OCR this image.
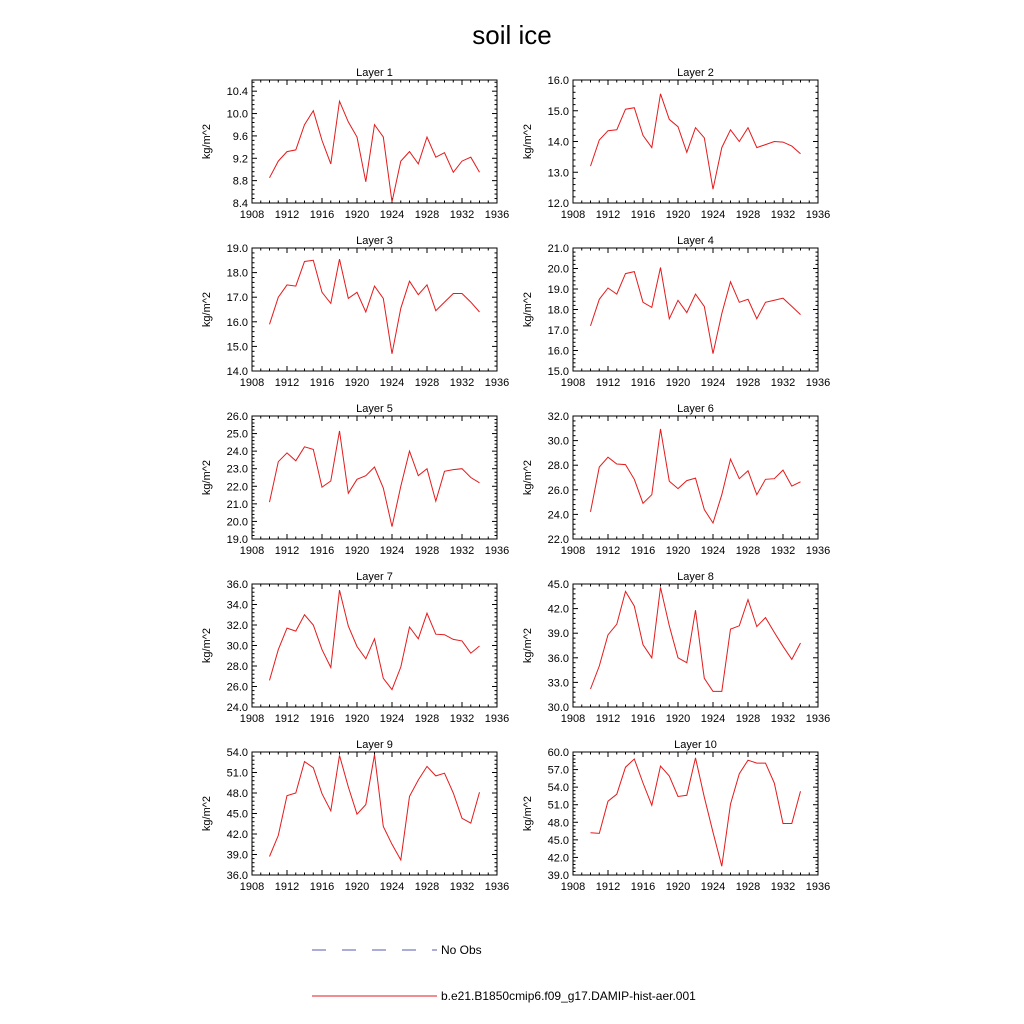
soil ice
Layer 1
1908 1912 1916 1920 1924 1928 1932 1936
8.4
8.8
9.2
9.6
10.0
10.4
kg/m^2
Layer 2
1908 1912 1916 1920 1924 1928 1932 1936
12.0
13.0
14.0
15.0
16.0
kg/m^2
Layer 3
1908 1912 1916 1920 1924 1928 1932 1936
14.0
15.0
16.0
17.0
18.0
19.0
kg/m^2
Layer 4
1908 1912 1916 1920 1924 1928 1932 1936
15.0
16.0
17.0
18.0
19.0
20.0
21.0
kg/m^2
Layer 5
1908 1912 1916 1920 1924 1928 1932 1936
19.0
20.0
21.0
22.0
23.0
24.0
25.0
26.0
kg/m^2
Layer 6
1908 1912 1916 1920 1924 1928 1932 1936
22.0
24.0
26.0
28.0
30.0
32.0
kg/m^2
Layer 7
1908 1912 1916 1920 1924 1928 1932 1936
24.0
26.0
28.0
30.0
32.0
34.0
36.0
kg/m^2
Layer 8
1908 1912 1916 1920 1924 1928 1932 1936
30.0
33.0
36.0
39.0
42.0
45.0
kg/m^2
Layer 9
1908 1912 1916 1920 1924 1928 1932 1936
36.0
39.0
42.0
45.0
48.0
51.0
54.0
kg/m^2
Layer 10
1908 1912 1916 1920 1924 1928 1932 1936
39.0
42.0
45.0
48.0
51.0
54.0
57.0
60.0
kg/m^2
No Obs
b.e21.B1850cmip6.f09_g17.DAMIP-hist-aer.001
